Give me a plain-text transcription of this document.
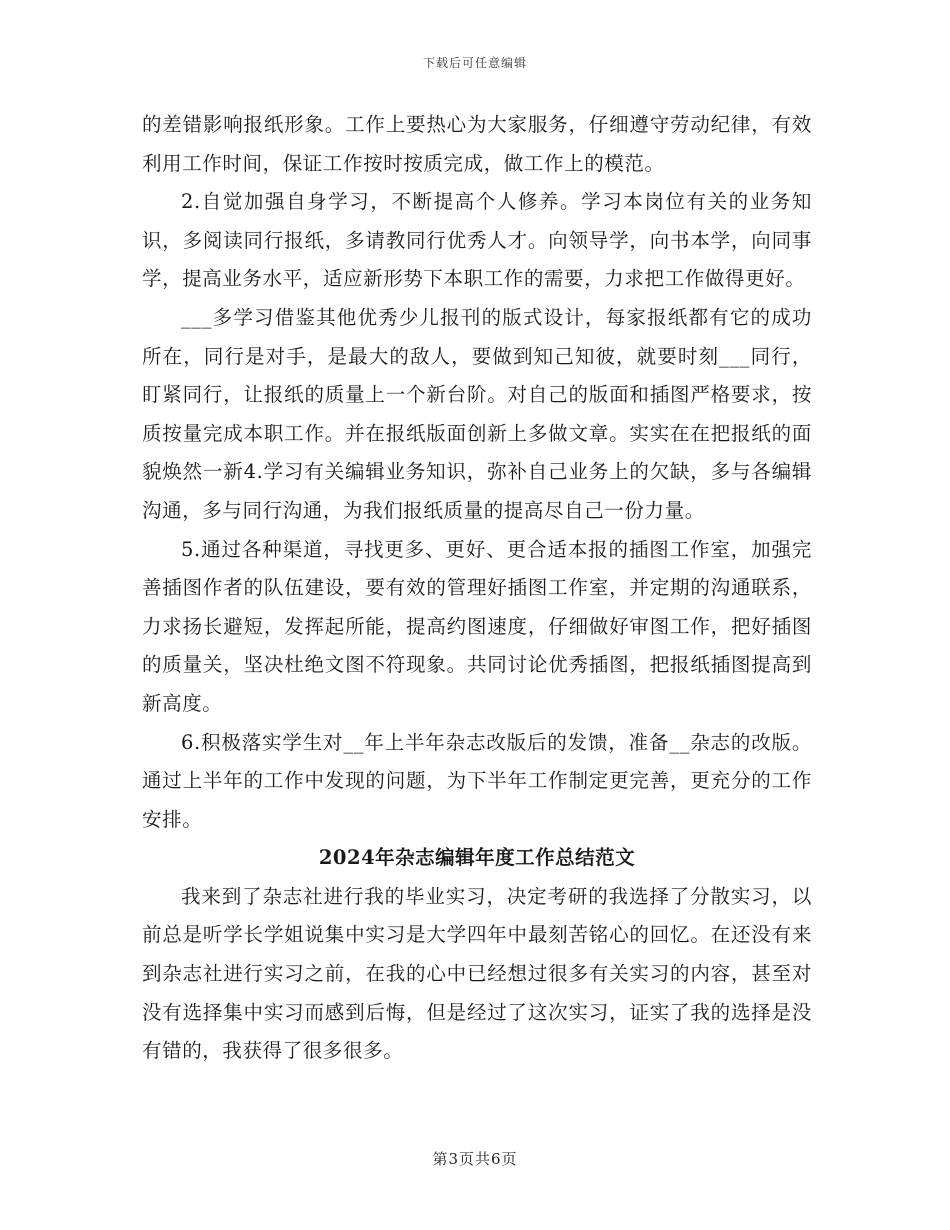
下载后可任意编辑

的差错影响报纸形象。工作上要热心为大家服务，仔细遵守劳动纪律，有效利用工作时间，保证工作按时按质完成，做工作上的模范。

2.自觉加强自身学习，不断提高个人修养。学习本岗位有关的业务知识，多阅读同行报纸，多请教同行优秀人才。向领导学，向书本学，向同事学，提高业务水平，适应新形势下本职工作的需要，力求把工作做得更好。

___多学习借鉴其他优秀少儿报刊的版式设计，每家报纸都有它的成功所在，同行是对手，是最大的敌人，要做到知己知彼，就要时刻___同行，盯紧同行，让报纸的质量上一个新台阶。对自己的版面和插图严格要求，按质按量完成本职工作。并在报纸版面创新上多做文章。实实在在把报纸的面貌焕然一新4.学习有关编辑业务知识，弥补自己业务上的欠缺，多与各编辑沟通，多与同行沟通，为我们报纸质量的提高尽自己一份力量。

5.通过各种渠道，寻找更多、更好、更合适本报的插图工作室，加强完善插图作者的队伍建设，要有效的管理好插图工作室，并定期的沟通联系，力求扬长避短，发挥起所能，提高约图速度，仔细做好审图工作，把好插图的质量关，坚决杜绝文图不符现象。共同讨论优秀插图，把报纸插图提高到新高度。

6.积极落实学生对__年上半年杂志改版后的发馈，准备__杂志的改版。通过上半年的工作中发现的问题，为下半年工作制定更完善，更充分的工作安排。

2024年杂志编辑年度工作总结范文

我来到了杂志社进行我的毕业实习，决定考研的我选择了分散实习，以前总是听学长学姐说集中实习是大学四年中最刻苦铭心的回忆。在还没有来到杂志社进行实习之前，在我的心中已经想过很多有关实习的内容，甚至对没有选择集中实习而感到后悔，但是经过了这次实习，证实了我的选择是没有错的，我获得了很多很多。

第3页共6页
